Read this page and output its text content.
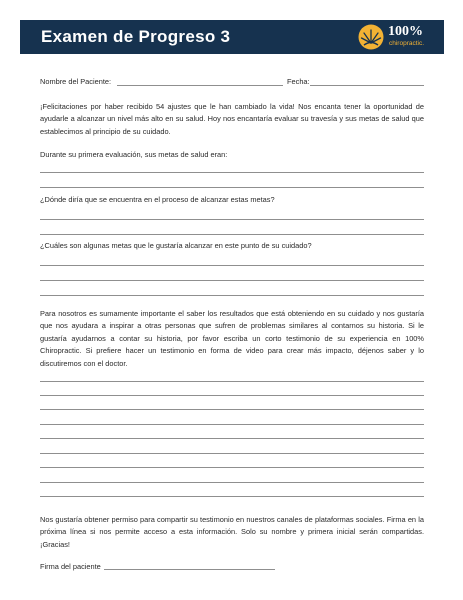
Examen de Progreso 3	100%
chiropractic.
Nombre del Paciente:	Fecha:
¡Felicitaciones por haber recibido 54 ajustes que le han cambiado la vida! Nos encanta tener la oportunidad de ayudarle a alcanzar un nivel más alto en su salud. Hoy nos encantaría evaluar su travesía y sus metas de salud que establecimos al principio de su cuidado.
Durante su primera evaluación, sus metas de salud eran:
¿Dónde diría que se encuentra en el proceso de alcanzar estas metas?
¿Cuáles son algunas metas que le gustaría alcanzar en este punto de su cuidado?
Para nosotros es sumamente importante el saber los resultados que está obteniendo en su cuidado y nos gustaría que nos ayudara a inspirar a otras personas que sufren de problemas similares al contarnos su historia. Si le gustaría ayudarnos a contar su historia, por favor escriba un corto testimonio de su experiencia en 100% Chiropractic. Si prefiere hacer un testimonio en forma de video para crear más impacto, déjenos saber y lo discutiremos con el doctor.
Nos gustaría obtener permiso para compartir su testimonio en nuestros canales de plataformas sociales. Firma en la próxima línea si nos permite acceso a esta información. Solo su nombre y primera inicial serán compartidas. ¡Gracias!
Firma del paciente
